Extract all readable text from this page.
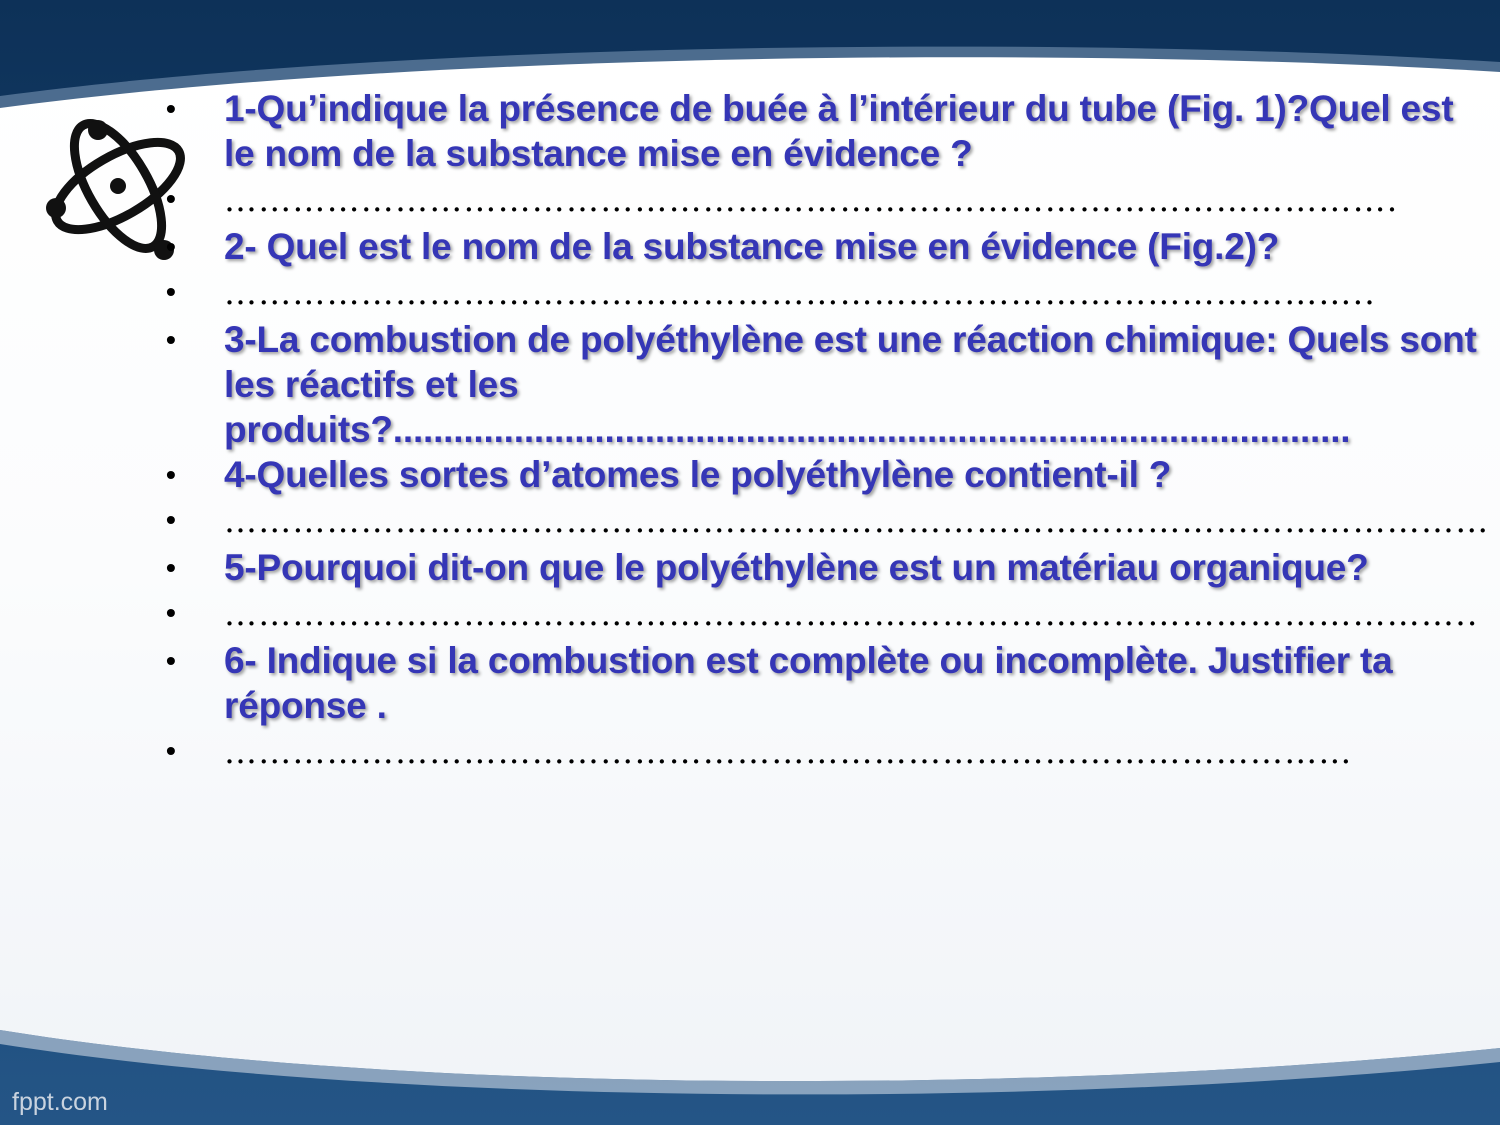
•	1-Qu’indique la présence de buée à l’intérieur du tube (Fig. 1)?Quel est le nom de la substance mise en évidence ?
•	………………………………………………………………………………………….
•	2- Quel est le nom de la substance mise en évidence (Fig.2)?
•	………………………………………………………………………………………..
•	3-La combustion de polyéthylène est une réaction chimique: Quels sont les réactifs et les produits?...............................................................................................
•	4-Quelles sortes d’atomes le polyéthylène contient-il ?
•	…………………………………………………………………………………………………
•	5-Pourquoi dit-on que le polyéthylène est un matériau organique?
•	………………………………………………………………………………………………..
•	6- Indique si la combustion est complète ou incomplète. Justifier ta réponse .
•	………………………………………………………………………………………
fppt.com
